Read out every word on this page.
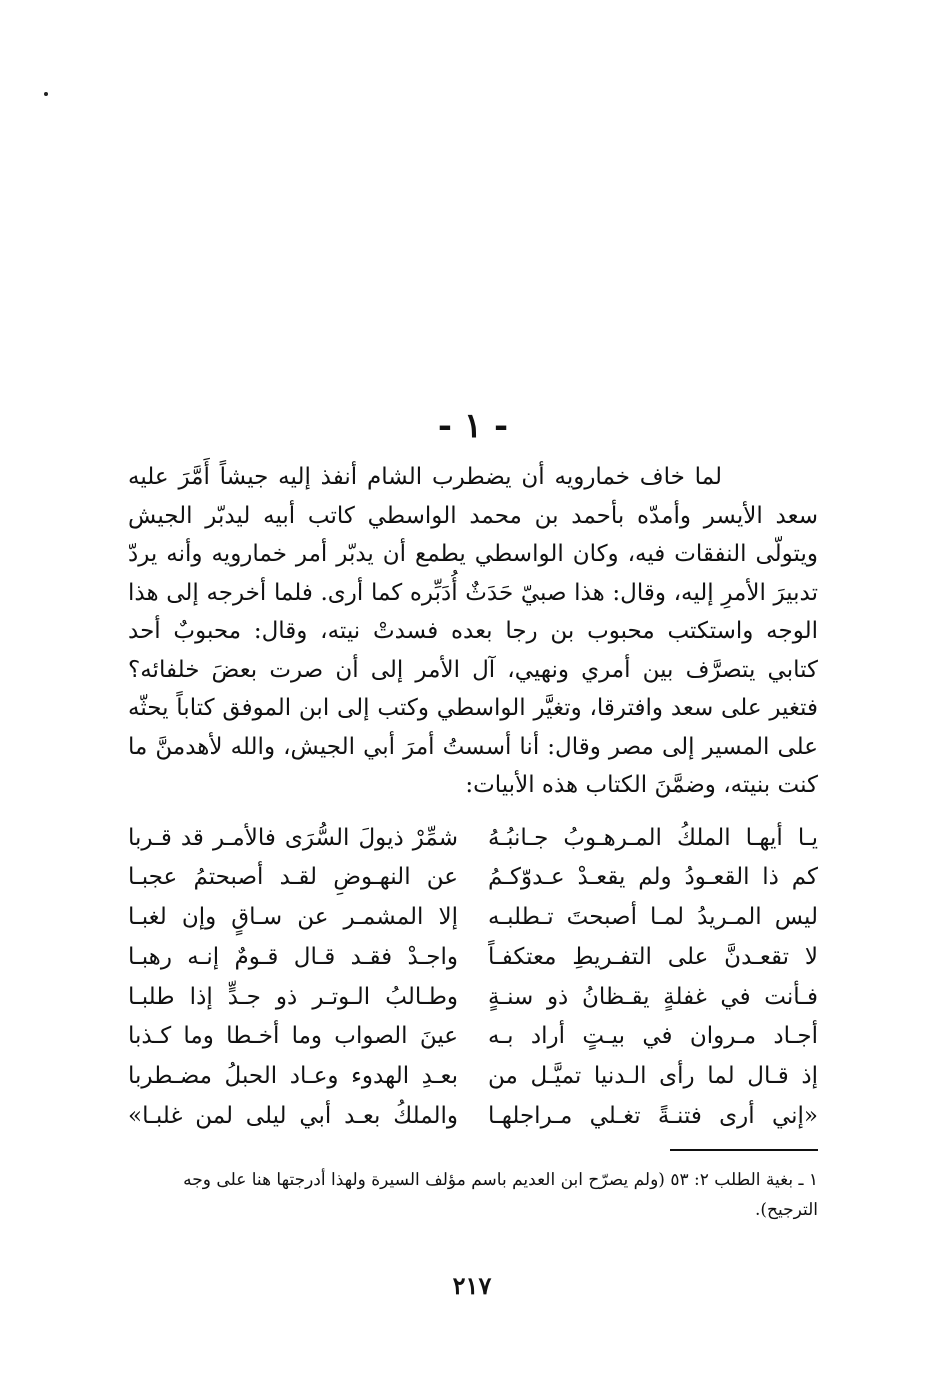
- ١ -

لما خاف خمارويه أن يضطرب الشام أنفذ إليه جيشاً أَمَّرَ عليه سعد الأيسر وأمدّه بأحمد بن محمد الواسطي كاتب أبيه ليدبّر الجيش ويتولّى النفقات فيه، وكان الواسطي يطمع أن يدبّر أمر خمارويه وأنه يردّ تدبيرَ الأمرِ إليه، وقال: هذا صبيّ حَدَثٌ أُدَبِّره كما أرى. فلما أخرجه إلى هذا الوجه واستكتب محبوب بن رجا بعده فسدتْ نيته، وقال: محبوبٌ أحد كتابي يتصرَّف بين أمري ونهيي، آل الأمر إلى أن صرت بعضَ خلفائه؟ فتغير على سعد وافترقا، وتغيَّر الواسطي وكتب إلى ابن الموفق كتاباً يحثّه على المسير إلى مصر وقال: أنا أسستُ أمرَ أبي الجيش، والله لأهدمنَّ ما كنت بنيته، وضمَّنَ الكتاب هذه الأبيات:

يـا أيهـا الملكُ المـرهـوبُ جـانبُـهُ
شمِّرْ ذيولَ السُّرَى فالأمـر قد قـربا
كم ذا القعـودُ ولم يقعـدْ عـدوّكـمُ
عن النهـوضِ لقـد أصبحتمُ عجبـا
ليس المـريدُ لمـا أصبحتَ تـطلبـه
إلا المشمـر عن سـاقٍ وإن لغبـا
لا تقعـدنَّ على التفـريطِ معتكفـاً
واجـدْ فقـد قـال قـومٌ إنـه رهبـا
فـأنت في غفلةٍ يقـظانُ ذو سنـةٍ
وطـالبُ الـوتـر ذو جـدٍّ إذا طلبـا
أجـاد مـروان في بيـتٍ أراد بـه
عينَ الصواب وما أخـطا وما كـذبا
إذ قـال لما رأى الـدنيا تميَّـل من
بعـدِ الهدوء وعـاد الحبلُ مضـطربا
«إني أرى فتنـةً تغـلي مـراجلهـا
والملكُ بعـد أبي ليلى لمن غلبـا»

١ ـ بغية الطلب ٢: ٥٣ (ولم يصرّح ابن العديم باسم مؤلف السيرة ولهذا أدرجتها هنا على وجه الترجيح).

٢١٧
